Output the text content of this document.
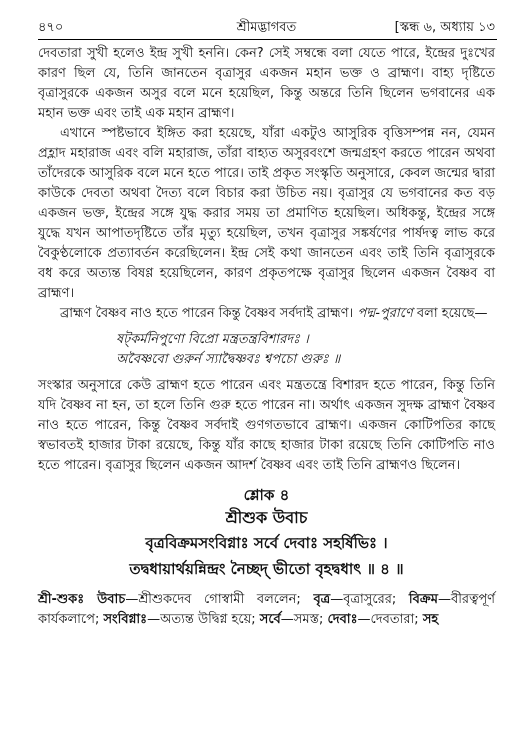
৪৭০	শ্রীমদ্ভাগবত	[স্কন্ধ ৬, অধ্যায় ১৩

দেবতারা সুখী হলেও ইন্দ্র সুখী হননি। কেন? সেই সম্বন্ধে বলা যেতে পারে, ইন্দ্রের দুঃখের কারণ ছিল যে, তিনি জানতেন বৃত্রাসুর একজন মহান ভক্ত ও ব্রাহ্মণ। বাহ্য দৃষ্টিতে বৃত্রাসুরকে একজন অসুর বলে মনে হয়েছিল, কিন্তু অন্তরে তিনি ছিলেন ভগবানের এক মহান ভক্ত এবং তাই এক মহান ব্রাহ্মণ।

এখানে স্পষ্টভাবে ইঙ্গিত করা হয়েছে, যাঁরা একটুও আসুরিক বৃত্তিসম্পন্ন নন, যেমন প্রহ্লাদ মহারাজ এবং বলি মহারাজ, তাঁরা বাহ্যত অসুরবংশে জন্মগ্রহণ করতে পারেন অথবা তাঁদেরকে আসুরিক বলে মনে হতে পারে। তাই প্রকৃত সংস্কৃতি অনুসারে, কেবল জন্মের দ্বারা কাউকে দেবতা অথবা দৈত্য বলে বিচার করা উচিত নয়। বৃত্রাসুর যে ভগবানের কত বড় একজন ভক্ত, ইন্দ্রের সঙ্গে যুদ্ধ করার সময় তা প্রমাণিত হয়েছিল। অধিকন্তু, ইন্দ্রের সঙ্গে যুদ্ধে যখন আপাতদৃষ্টিতে তাঁর মৃত্যু হয়েছিল, তখন বৃত্রাসুর সঙ্কর্ষণের পার্ষদত্ব লাভ করে বৈকুণ্ঠলোকে প্রত্যাবর্তন করেছিলেন। ইন্দ্র সেই কথা জানতেন এবং তাই তিনি বৃত্রাসুরকে বধ করে অত্যন্ত বিষণ্ণ হয়েছিলেন, কারণ প্রকৃতপক্ষে বৃত্রাসুর ছিলেন একজন বৈষ্ণব বা ব্রাহ্মণ।

ব্রাহ্মণ বৈষ্ণব নাও হতে পারেন কিন্তু বৈষ্ণব সর্বদাই ব্রাহ্মণ। পদ্ম-পুরাণে বলা হয়েছে—

ষট্‌কর্মনিপুণো বিপ্রো মন্ত্রতন্ত্রবিশারদঃ ।
অবৈষ্ণবো গুরুর্ন স্যাদ্বৈষ্ণবঃ শ্বপচো গুরুঃ ॥

সংস্কার অনুসারে কেউ ব্রাহ্মণ হতে পারেন এবং মন্ত্রতন্ত্রে বিশারদ হতে পারেন, কিন্তু তিনি যদি বৈষ্ণব না হন, তা হলে তিনি গুরু হতে পারেন না। অর্থাৎ একজন সুদক্ষ ব্রাহ্মণ বৈষ্ণব নাও হতে পারেন, কিন্তু বৈষ্ণব সর্বদাই গুণগতভাবে ব্রাহ্মণ। একজন কোটিপতির কাছে স্বভাবতই হাজার টাকা রয়েছে, কিন্তু যাঁর কাছে হাজার টাকা রয়েছে তিনি কোটিপতি নাও হতে পারেন। বৃত্রাসুর ছিলেন একজন আদর্শ বৈষ্ণব এবং তাই তিনি ব্রাহ্মণও ছিলেন।

শ্লোক ৪
শ্রীশুক উবাচ
বৃত্রবিক্রমসংবিগ্নাঃ সর্বে দেবাঃ সহর্ষিভিঃ ।
তদ্বধায়ার্থয়ন্নিন্দ্রং নৈচ্ছদ্ ভীতো বৃহদ্বধাৎ ॥ ৪ ॥

শ্রী-শুকঃ উবাচ—শ্রীশুকদেব গোস্বামী বললেন; বৃত্র—বৃত্রাসুরের; বিক্রম—বীরত্বপূর্ণ কার্যকলাপে; সংবিগ্নাঃ—অত্যন্ত উদ্বিগ্ন হয়ে; সর্বে—সমস্ত; দেবাঃ—দেবতারা; সহ
